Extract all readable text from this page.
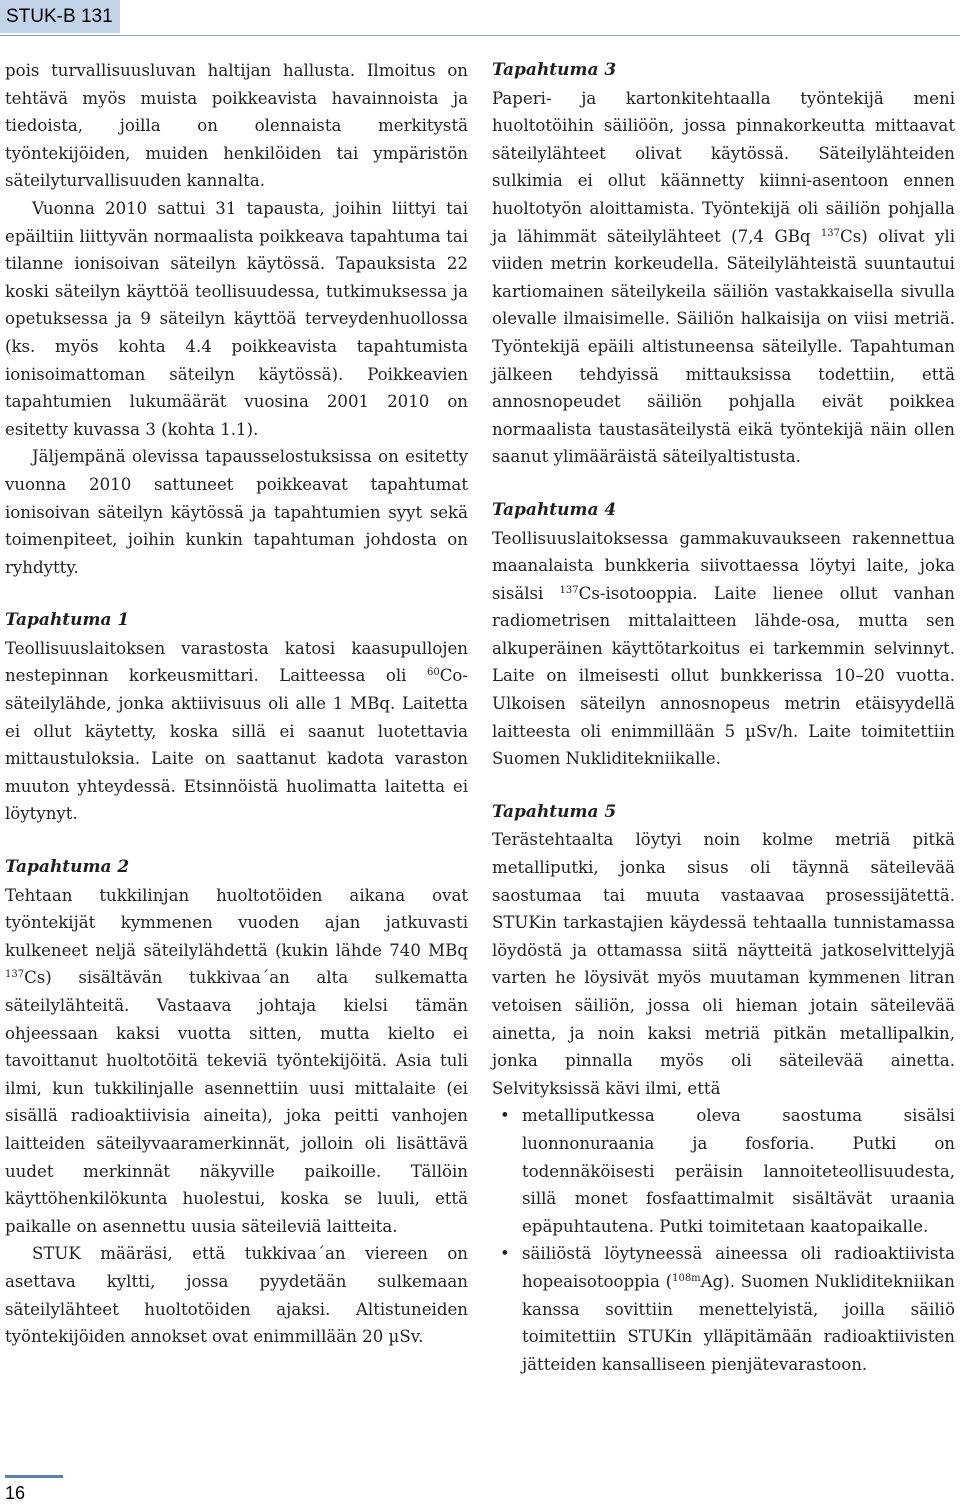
STUK-B 131

pois turvallisuusluvan haltijan hallusta. Ilmoitus on tehtävä myös muista poikkeavista havainnoista ja tiedoista, joilla on olennaista merkitystä työntekijöiden, muiden henkilöiden tai ympäristön säteilyturvallisuuden kannalta.

Vuonna 2010 sattui 31 tapausta, joihin liittyi tai epäiltiin liittyvän normaalista poikkeava tapahtuma tai tilanne ionisoivan säteilyn käytössä. Tapauksista 22 koski säteilyn käyttöä teollisuudessa, tutkimuksessa ja opetuksessa ja 9 säteilyn käyttöä terveydenhuollossa (ks. myös kohta 4.4 poikkeavista tapahtumista ionisoimattoman säteilyn käytössä). Poikkeavien tapahtumien lukumäärät vuosina 2001 2010 on esitetty kuvassa 3 (kohta 1.1).

Jäljempänä olevissa tapausselostuksissa on esitetty vuonna 2010 sattuneet poikkeavat tapahtumat ionisoivan säteilyn käytössä ja tapahtumien syyt sekä toimenpiteet, joihin kunkin tapahtuman johdosta on ryhdytty.

Tapahtuma 1

Teollisuuslaitoksen varastosta katosi kaasupullojen nestepinnan korkeusmittari. Laitteessa oli $^{60}$Co-säteilylähde, jonka aktiivisuus oli alle 1 MBq. Laitetta ei ollut käytetty, koska sillä ei saanut luotettavia mittaustuloksia. Laite on saattanut kadota varaston muuton yhteydessä. Etsinnöistä huolimatta laitetta ei löytynyt.

Tapahtuma 2

Tehtaan tukkilinjan huoltotöiden aikana ovat työntekijät kymmenen vuoden ajan jatkuvasti kulkeneet neljä säteilylähdettä (kukin lähde 740 MBq $^{137}$Cs) sisältävän tukkivaa´an alta sulkematta säteilylähteitä. Vastaava johtaja kielsi tämän ohjeessaan kaksi vuotta sitten, mutta kielto ei tavoittanut huoltotöitä tekeviä työntekijöitä. Asia tuli ilmi, kun tukkilinjalle asennettiin uusi mittalaite (ei sisällä radioaktiivisia aineita), joka peitti vanhojen laitteiden säteilyvaaramerkinnät, jolloin oli lisättävä uudet merkinnät näkyville paikoille. Tällöin käyttöhenkilökunta huolestui, koska se luuli, että paikalle on asennettu uusia säteileviä laitteita.

STUK määräsi, että tukkivaa´an viereen on asettava kyltti, jossa pyydetään sulkemaan säteilylähteet huoltotöiden ajaksi. Altistuneiden työntekijöiden annokset ovat enimmillään 20 µSv.

Tapahtuma 3

Paperi- ja kartonkitehtaalla työntekijä meni huoltotöihin säiliöön, jossa pinnakorkeutta mittaavat säteilylähteet olivat käytössä. Säteilylähteiden sulkimia ei ollut käännetty kiinni-asentoon ennen huoltotyön aloittamista. Työntekijä oli säiliön pohjalla ja lähimmät säteilylähteet (7,4 GBq $^{137}$Cs) olivat yli viiden metrin korkeudella. Säteilylähteistä suuntautui kartiomainen säteilykeila säiliön vastakkaisella sivulla olevalle ilmaisimelle. Säiliön halkaisija on viisi metriä. Työntekijä epäili altistuneensa säteilylle. Tapahtuman jälkeen tehdyissä mittauksissa todettiin, että annosnopeudet säiliön pohjalla eivät poikkea normaalista taustasäteilystä eikä työntekijä näin ollen saanut ylimääräistä säteilyaltistusta.

Tapahtuma 4

Teollisuuslaitoksessa gammakuvaukseen rakennettua maanalaista bunkkeria siivottaessa löytyi laite, joka sisälsi $^{137}$Cs-isotooppia. Laite lienee ollut vanhan radiometrisen mittalaitteen lähde-osa, mutta sen alkuperäinen käyttötarkoitus ei tarkemmin selvinnyt. Laite on ilmeisesti ollut bunkkerissa 10–20 vuotta. Ulkoisen säteilyn annosnopeus metrin etäisyydellä laitteesta oli enimmillään 5 µSv/h. Laite toimitettiin Suomen Nukliditekniikalle.

Tapahtuma 5

Terästehtaalta löytyi noin kolme metriä pitkä metalliputki, jonka sisus oli täynnä säteilevää saostumaa tai muuta vastaavaa prosessijätettä. STUKin tarkastajien käydessä tehtaalla tunnistamassa löydöstä ja ottamassa siitä näytteitä jatkoselvittelyjä varten he löysivät myös muutaman kymmenen litran vetoisen säiliön, jossa oli hieman jotain säteilevää ainetta, ja noin kaksi metriä pitkän metallipalkin, jonka pinnalla myös oli säteilevää ainetta. Selvityksissä kävi ilmi, että

• metalliputkessa oleva saostuma sisälsi luonnonuraania ja fosforia. Putki on todennäköisesti peräisin lannoiteteollisuudesta, sillä monet fosfaattimalmit sisältävät uraania epäpuhtautena. Putki toimitetaan kaatopaikalle.
• säiliöstä löytyneessä aineessa oli radioaktiivista hopeaisotooppia ($^{108m}$Ag). Suomen Nukliditekniikan kanssa sovittiin menettelyistä, joilla säiliö toimitettiin STUKin ylläpitämään radioaktiivisten jätteiden kansalliseen pienjätevarastoon.
16
